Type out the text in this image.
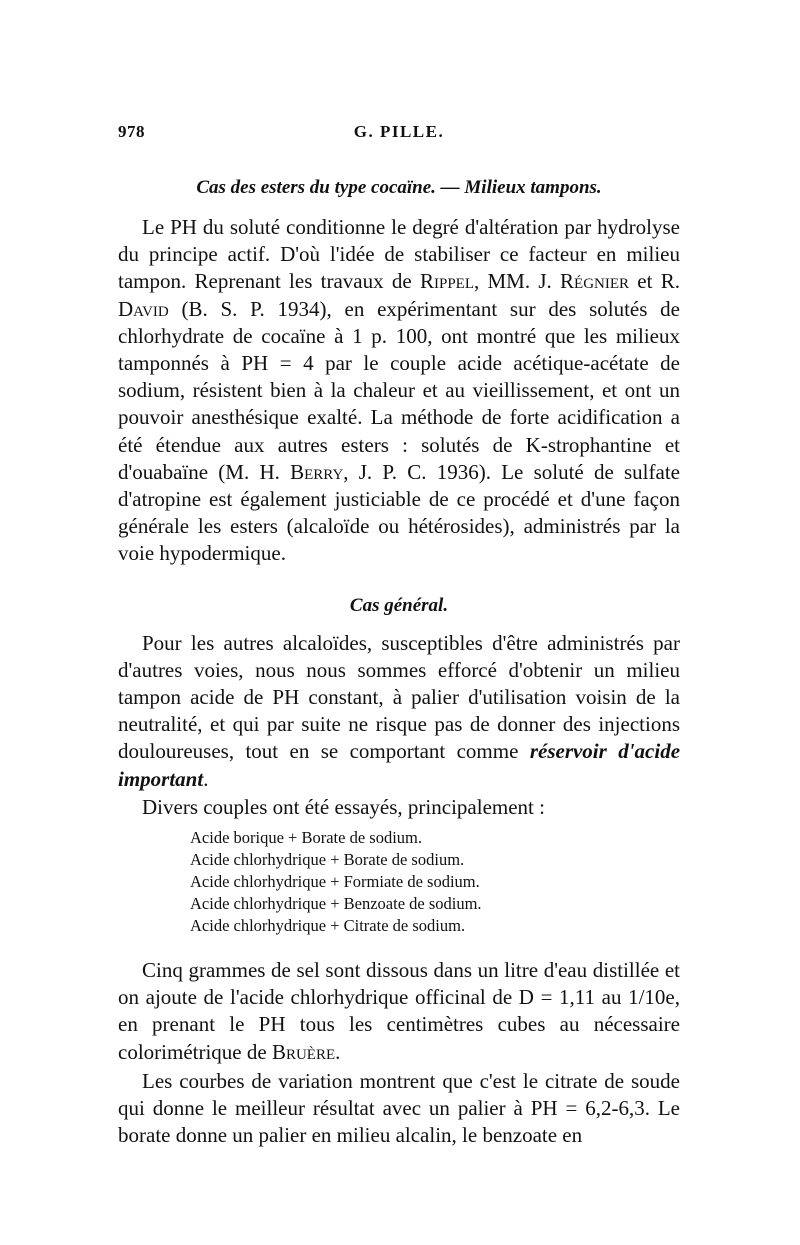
978	G. PILLE.
Cas des esters du type cocaïne. — Milieux tampons.

Le PH du soluté conditionne le degré d'altération par hydrolyse du principe actif. D'où l'idée de stabiliser ce facteur en milieu tampon. Reprenant les travaux de Rippel, MM. J. Régnier et R. David (B. S. P. 1934), en expérimentant sur des solutés de chlorhydrate de cocaïne à 1 p. 100, ont montré que les milieux tamponnés à PH = 4 par le couple acide acétique-acétate de sodium, résistent bien à la chaleur et au vieillissement, et ont un pouvoir anesthésique exalté. La méthode de forte acidification a été étendue aux autres esters : solutés de K-strophantine et d'ouabaïne (M. H. Berry, J. P. C. 1936). Le soluté de sulfate d'atropine est également justiciable de ce procédé et d'une façon générale les esters (alcaloïde ou hétérosides), administrés par la voie hypodermique.

Cas général.

Pour les autres alcaloïdes, susceptibles d'être administrés par d'autres voies, nous nous sommes efforcé d'obtenir un milieu tampon acide de PH constant, à palier d'utilisation voisin de la neutralité, et qui par suite ne risque pas de donner des injections douloureuses, tout en se comportant comme réservoir d'acide important.

Divers couples ont été essayés, principalement :

Acide borique + Borate de sodium.
Acide chlorhydrique + Borate de sodium.
Acide chlorhydrique + Formiate de sodium.
Acide chlorhydrique + Benzoate de sodium.
Acide chlorhydrique + Citrate de sodium.

Cinq grammes de sel sont dissous dans un litre d'eau distillée et on ajoute de l'acide chlorhydrique officinal de D = 1,11 au 1/10e, en prenant le PH tous les centimètres cubes au nécessaire colorimétrique de Bruère.

Les courbes de variation montrent que c'est le citrate de soude qui donne le meilleur résultat avec un palier à PH = 6,2-6,3. Le borate donne un palier en milieu alcalin, le benzoate en
